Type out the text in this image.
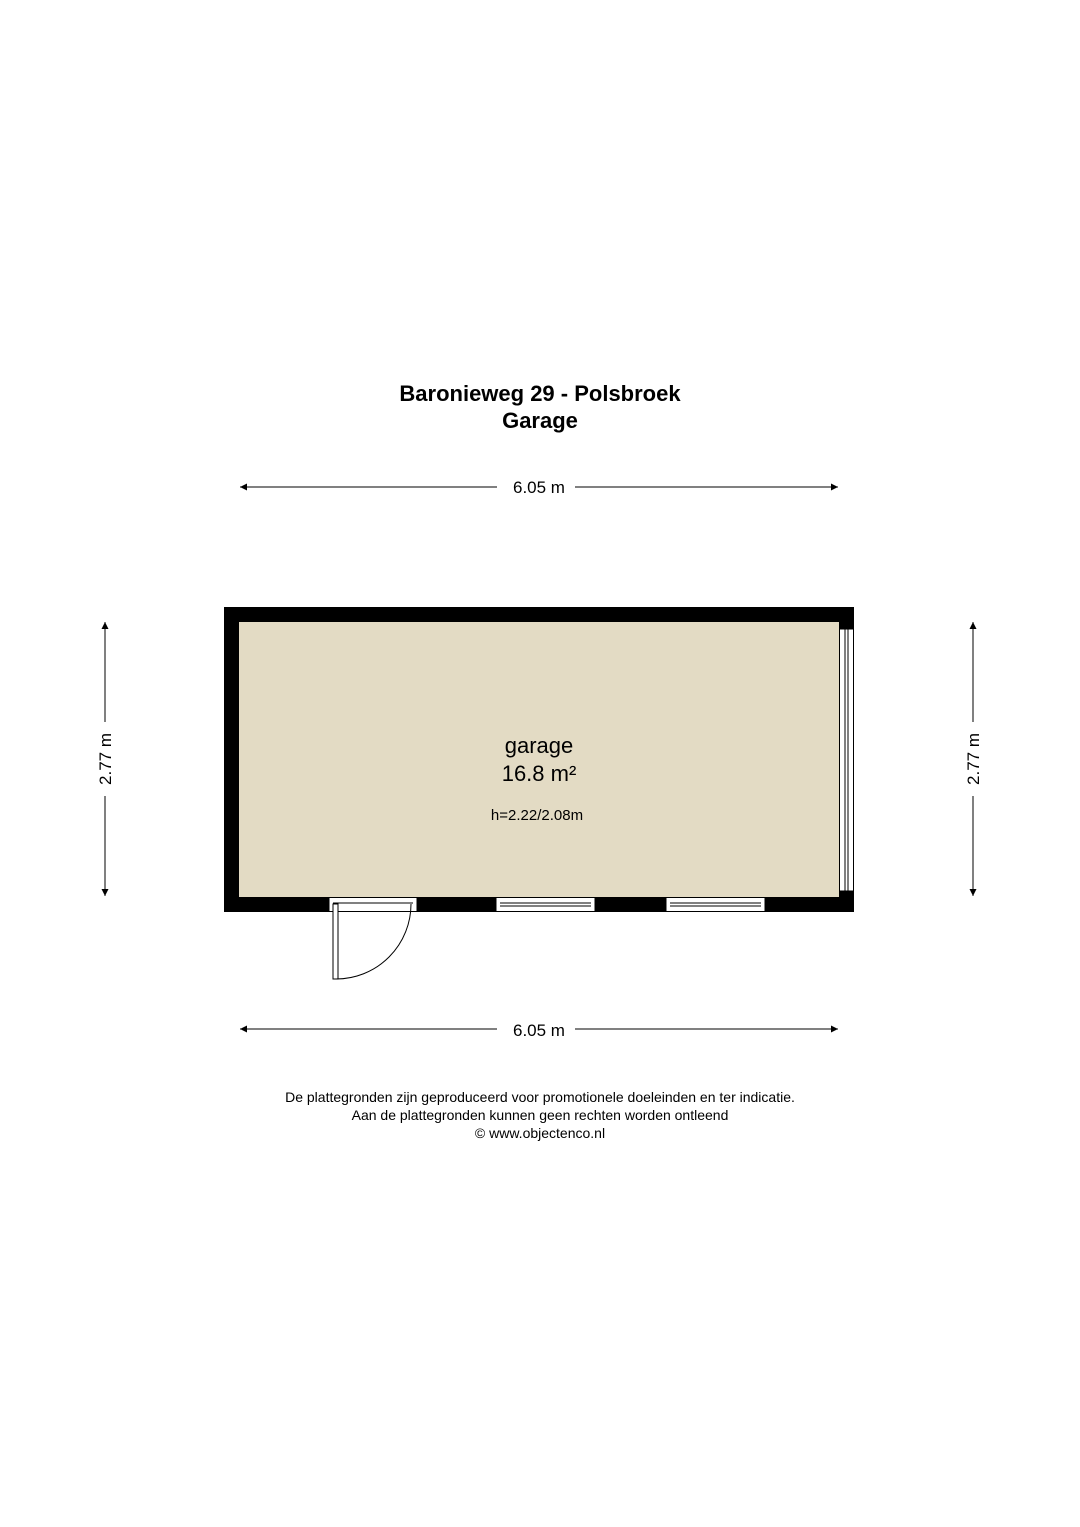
Baronieweg 29 - Polsbroek
Garage
6.05 m
2.77 m	2.77 m
garage
16.8 m²
h=2.22/2.08m
6.05 m
De plattegronden zijn geproduceerd voor promotionele doeleinden en ter indicatie.
Aan de plattegronden kunnen geen rechten worden ontleend
© www.objectenco.nl
